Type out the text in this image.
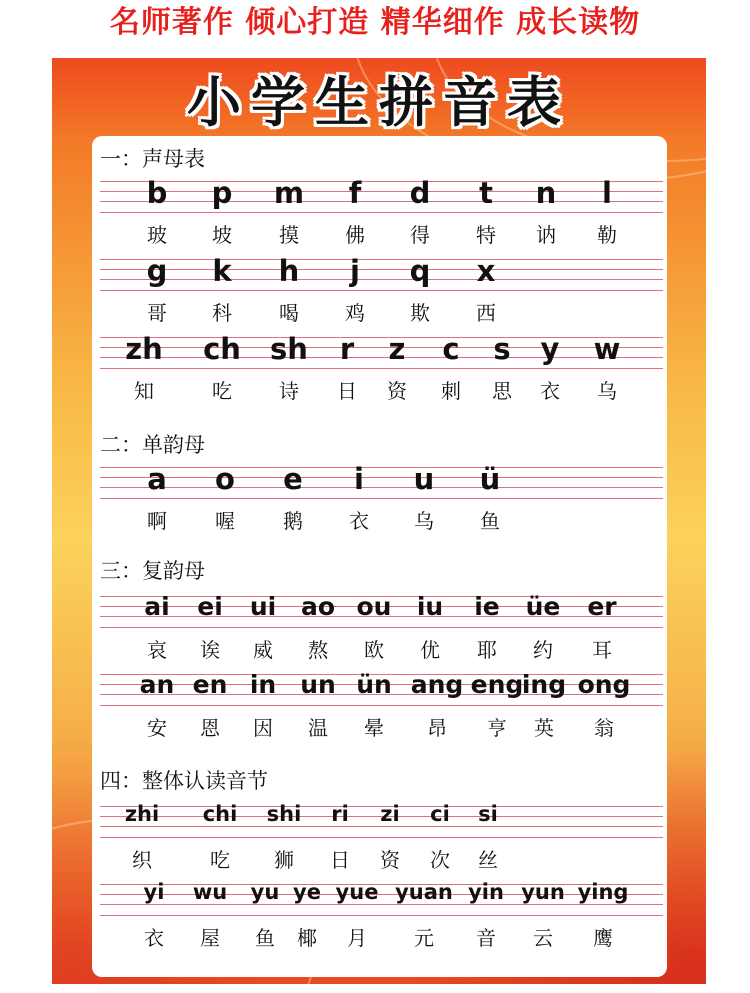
名师著作 倾心打造 精华细作 成长读物
小学生拼音表
一：声母表
b p m f d t n l
玻 坡 摸 佛 得 特 讷 勒
g k h j q x
哥 科 喝 鸡 欺 西
zh ch sh r z c s y w
知	吃 诗 日 资 刺 思 衣 乌
二：单韵母
a o e i u ü
啊 喔 鹅 衣 乌 鱼
三：复韵母
ai ei ui ao ou iu ie üe er
哀 诶 威 熬 欧 优 耶 约 耳
an en in un ün ang eng
ing ong
安 恩 因 温 晕 昂 亨 英 翁
四：整体认读音节
zhi chi shi ri zi ci si
织	吃 狮 日 资 次 丝
yi wu yu ye yue yuan yin yun ying
衣 屋 鱼 椰 月 元 音 云 鹰
